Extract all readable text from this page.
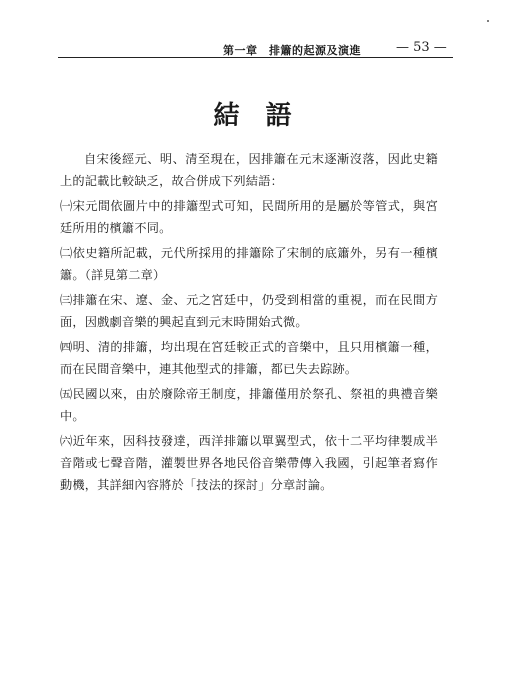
第一章　排簫的起源及演進	— 53 —
結語

自宋後經元、明、清至現在，因排簫在元末逐漸沒落，因此史籍上的記載比較缺乏，故合併成下列結語：

㈠宋元間依圖片中的排簫型式可知，民間所用的是屬於等管式，與宮廷所用的檳簫不同。

㈡依史籍所記載，元代所採用的排簫除了宋制的底簫外，另有一種檳簫。（詳見第二章）

㈢排簫在宋、遼、金、元之宮廷中，仍受到相當的重視，而在民間方面，因戲劇音樂的興起直到元末時開始式微。

㈣明、清的排簫，均出現在宮廷較正式的音樂中，且只用檳簫一種，而在民間音樂中，連其他型式的排簫，都已失去踪跡。

㈤民國以來，由於廢除帝王制度，排簫僅用於祭孔、祭祖的典禮音樂中。

㈥近年來，因科技發達，西洋排簫以單翼型式，依十二平均律製成半音階或七聲音階，灌製世界各地民俗音樂帶傳入我國，引起筆者寫作動機，其詳細內容將於「技法的探討」分章討論。
